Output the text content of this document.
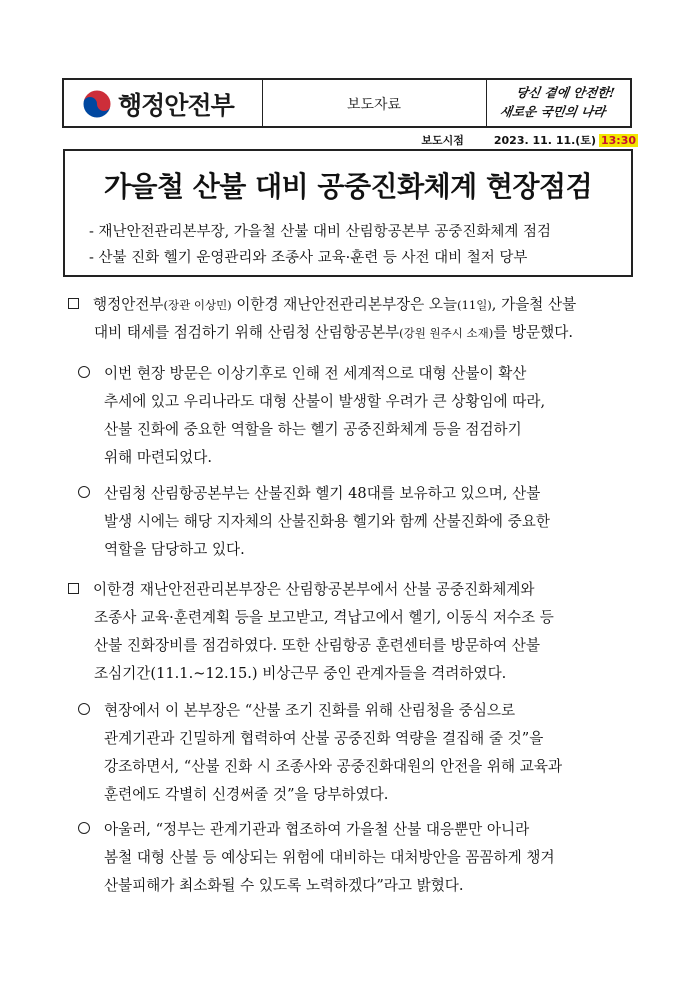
행정안전부	보도자료
당신 곁에 안전한!
새로운 국민의 나라
보도시점	2023. 11. 11.(토) 13:30
가을철 산불 대비 공중진화체계 현장점검
- 재난안전관리본부장, 가을철 산불 대비 산림항공본부 공중진화체계 점검
- 산불 진화 헬기 운영관리와 조종사 교육·훈련 등 사전 대비 철저 당부
행정안전부(장관 이상민) 이한경 재난안전관리본부장은 오늘(11일), 가을철 산불
대비 태세를 점검하기 위해 산림청 산림항공본부(강원 원주시 소재)를 방문했다.
이번 현장 방문은 이상기후로 인해 전 세계적으로 대형 산불이 확산
추세에 있고 우리나라도 대형 산불이 발생할 우려가 큰 상황임에 따라,
산불 진화에 중요한 역할을 하는 헬기 공중진화체계 등을 점검하기
위해 마련되었다.
산림청 산림항공본부는 산불진화 헬기 48대를 보유하고 있으며, 산불
발생 시에는 해당 지자체의 산불진화용 헬기와 함께 산불진화에 중요한
역할을 담당하고 있다.
이한경 재난안전관리본부장은 산림항공본부에서 산불 공중진화체계와
조종사 교육·훈련계획 등을 보고받고, 격납고에서 헬기, 이동식 저수조 등
산불 진화장비를 점검하였다. 또한 산림항공 훈련센터를 방문하여 산불
조심기간(11.1.~12.15.) 비상근무 중인 관계자들을 격려하였다.
현장에서 이 본부장은 “산불 조기 진화를 위해 산림청을 중심으로
관계기관과 긴밀하게 협력하여 산불 공중진화 역량을 결집해 줄 것”을
강조하면서, “산불 진화 시 조종사와 공중진화대원의 안전을 위해 교육과
훈련에도 각별히 신경써줄 것”을 당부하였다.
아울러, “정부는 관계기관과 협조하여 가을철 산불 대응뿐만 아니라
봄철 대형 산불 등 예상되는 위험에 대비하는 대처방안을 꼼꼼하게 챙겨
산불피해가 최소화될 수 있도록 노력하겠다”라고 밝혔다.
